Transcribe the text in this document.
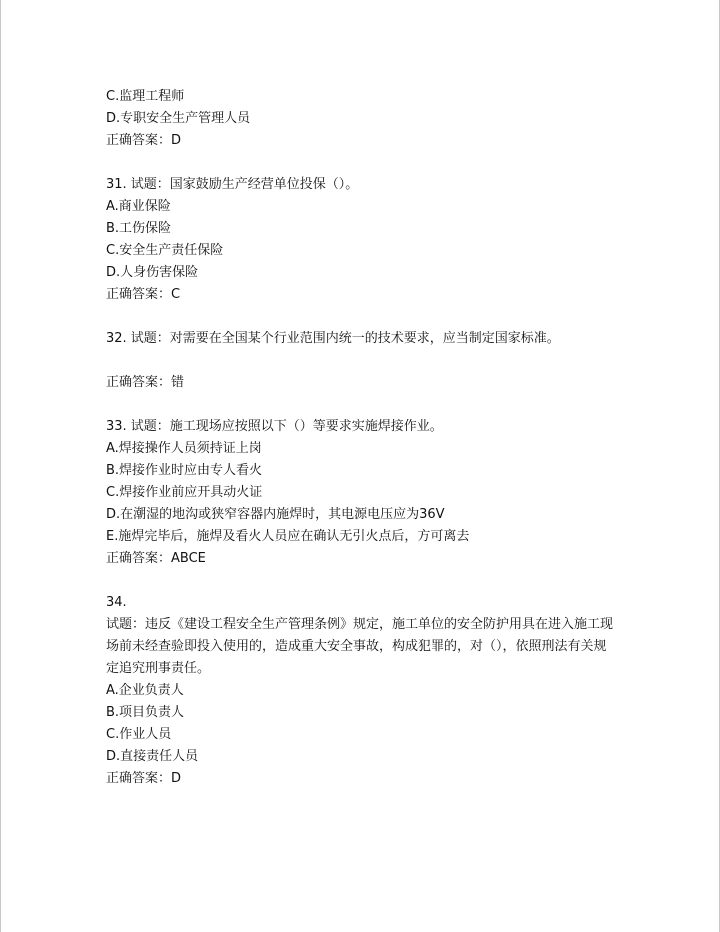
C.监理工程师
D.专职安全生产管理人员
正确答案：D
31. 试题：国家鼓励生产经营单位投保（）。
A.商业保险
B.工伤保险
C.安全生产责任保险
D.人身伤害保险
正确答案：C
32. 试题：对需要在全国某个行业范围内统一的技术要求，应当制定国家标准。
正确答案：错
33. 试题：施工现场应按照以下（）等要求实施焊接作业。
A.焊接操作人员须持证上岗
B.焊接作业时应由专人看火
C.焊接作业前应开具动火证
D.在潮湿的地沟或狭窄容器内施焊时，其电源电压应为36V
E.施焊完毕后，施焊及看火人员应在确认无引火点后，方可离去
正确答案：ABCE
34.
试题：违反《建设工程安全生产管理条例》规定，施工单位的安全防护用具在进入施工现
场前未经查验即投入使用的，造成重大安全事故，构成犯罪的，对（），依照刑法有关规
定追究刑事责任。
A.企业负责人
B.项目负责人
C.作业人员
D.直接责任人员
正确答案：D
